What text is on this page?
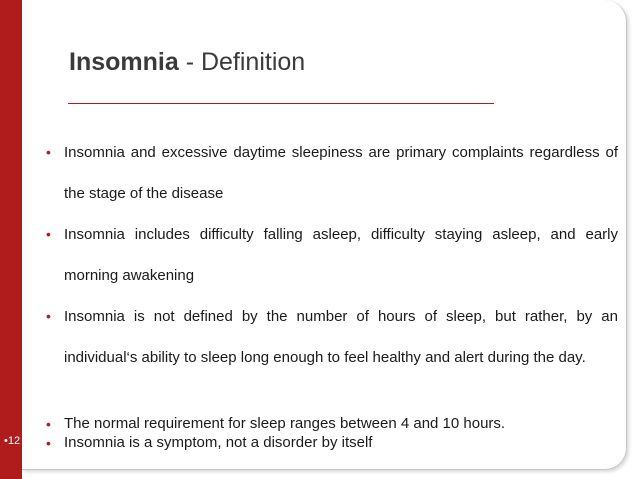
Insomnia - Definition
• Insomnia and excessive daytime sleepiness are primary complaints regardless of the stage of the disease
• Insomnia includes difficulty falling asleep, difficulty staying asleep, and early morning awakening
• Insomnia is not defined by the number of hours of sleep, but rather, by an individual‘s ability to sleep long enough to feel healthy and alert during the day.
• The normal requirement for sleep ranges between 4 and 10 hours.
• Insomnia is a symptom, not a disorder by itself
•12
